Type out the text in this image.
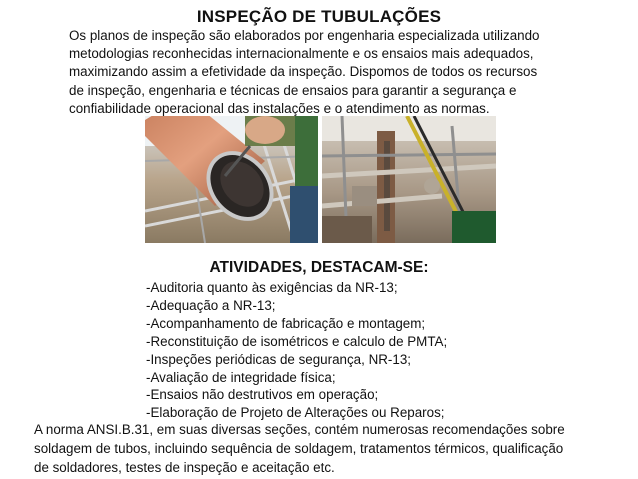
INSPEÇÃO DE TUBULAÇÕES
Os planos de inspeção são elaborados por engenharia especializada utilizando
metodologias reconhecidas internacionalmente e os ensaios mais adequados,
maximizando assim a efetividade da inspeção. Dispomos de todos os recursos
de inspeção, engenharia e técnicas de ensaios para garantir a segurança e
confiabilidade operacional das instalações e o atendimento as normas.
ATIVIDADES, DESTACAM-SE:
-Auditoria quanto às exigências da NR-13;
-Adequação a NR-13;
-Acompanhamento de fabricação e montagem;
-Reconstituição de isométricos e calculo de PMTA;
-Inspeções periódicas de segurança, NR-13;
-Avaliação de integridade física;
-Ensaios não destrutivos em operação;
-Elaboração de Projeto de Alterações ou Reparos;
A norma ANSI.B.31, em suas diversas seções, contém numerosas recomendações sobre
soldagem de tubos, incluindo sequência de soldagem, tratamentos térmicos, qualificação
de soldadores, testes de inspeção e aceitação etc.
